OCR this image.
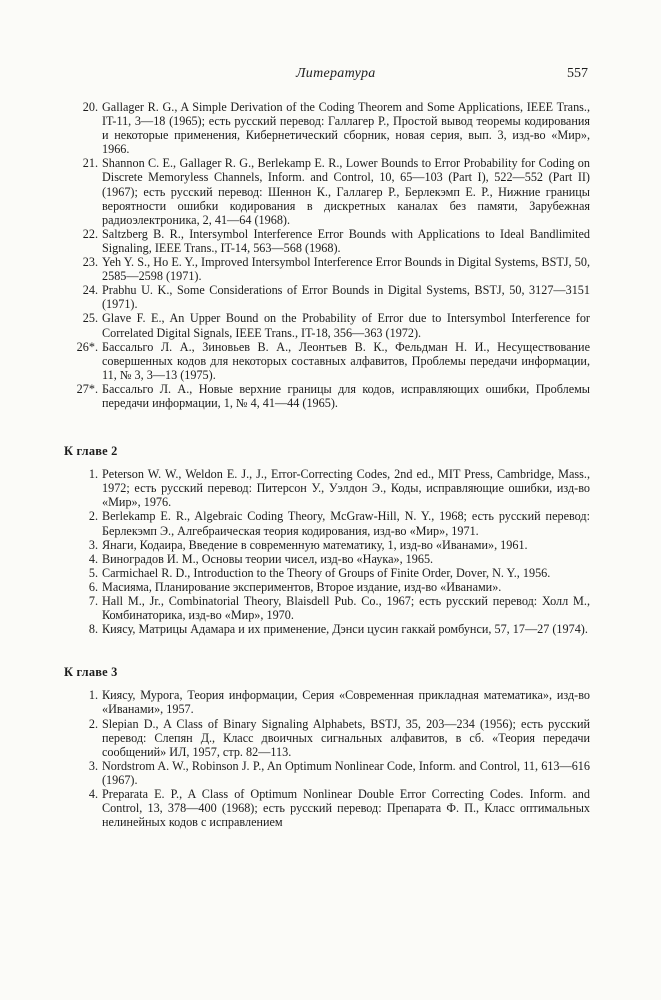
Литература	557
20. Gallager R. G., A Simple Derivation of the Coding Theorem and Some Applications, IEEE Trans., IT-11, 3—18 (1965); есть русский перевод: Галлагер Р., Простой вывод теоремы кодирования и некоторые применения, Кибернетический сборник, новая серия, вып. 3, изд-во «Мир», 1966.
21. Shannon C. E., Gallager R. G., Berlekamp E. R., Lower Bounds to Error Probability for Coding on Discrete Memoryless Channels, Inform. and Control, 10, 65—103 (Part I), 522—552 (Part II) (1967); есть русский перевод: Шеннон К., Галлагер Р., Берлекэмп Е. Р., Нижние границы вероятности ошибки кодирования в дискретных каналах без памяти, Зарубежная радиоэлектроника, 2, 41—64 (1968).
22. Saltzberg B. R., Intersymbol Interference Error Bounds with Applications to Ideal Bandlimited Signaling, IEEE Trans., IT-14, 563—568 (1968).
23. Yeh Y. S., Ho E. Y., Improved Intersymbol Interference Error Bounds in Digital Systems, BSTJ, 50, 2585—2598 (1971).
24. Prabhu U. K., Some Considerations of Error Bounds in Digital Systems, BSTJ, 50, 3127—3151 (1971).
25. Glave F. E., An Upper Bound on the Probability of Error due to Intersymbol Interference for Correlated Digital Signals, IEEE Trans., IT-18, 356—363 (1972).
26*. Бассальго Л. А., Зиновьев В. А., Леонтьев В. К., Фельдман Н. И., Несуществование совершенных кодов для некоторых составных алфавитов, Проблемы передачи информации, 11, № 3, 3—13 (1975).
27*. Бассальго Л. А., Новые верхние границы для кодов, исправляющих ошибки, Проблемы передачи информации, 1, № 4, 41—44 (1965).
К главе 2
1. Peterson W. W., Weldon E. J., J., Error-Correcting Codes, 2nd ed., MIT Press, Cambridge, Mass., 1972; есть русский перевод: Питерсон У., Уэлдон Э., Коды, исправляющие ошибки, изд-во «Мир», 1976.
2. Berlekamp E. R., Algebraic Coding Theory, McGraw-Hill, N. Y., 1968; есть русский перевод: Берлекэмп Э., Алгебраическая теория кодирования, изд-во «Мир», 1971.
3. Янаги, Кодаира, Введение в современную математику, 1, изд-во «Иванами», 1961.
4. Виноградов И. М., Основы теории чисел, изд-во «Наука», 1965.
5. Carmichael R. D., Introduction to the Theory of Groups of Finite Order, Dover, N. Y., 1956.
6. Масияма, Планирование экспериментов, Второе издание, изд-во «Иванами».
7. Hall M., Jr., Combinatorial Theory, Blaisdell Pub. Co., 1967; есть русский перевод: Холл М., Комбинаторика, изд-во «Мир», 1970.
8. Киясу, Матрицы Адамара и их применение, Дэнси цусин гаккай ромбунси, 57, 17—27 (1974).
К главе 3
1. Киясу, Мурога, Теория информации, Серия «Современная прикладная математика», изд-во «Иванами», 1957.
2. Slepian D., A Class of Binary Signaling Alphabets, BSTJ, 35, 203—234 (1956); есть русский перевод: Слепян Д., Класс двоичных сигнальных алфавитов, в сб. «Теория передачи сообщений» ИЛ, 1957, стр. 82—113.
3. Nordstrom A. W., Robinson J. P., An Optimum Nonlinear Code, Inform. and Control, 11, 613—616 (1967).
4. Preparata E. P., A Class of Optimum Nonlinear Double Error Correcting Codes. Inform. and Control, 13, 378—400 (1968); есть русский перевод: Препарата Ф. П., Класс оптимальных нелинейных кодов с исправлением
